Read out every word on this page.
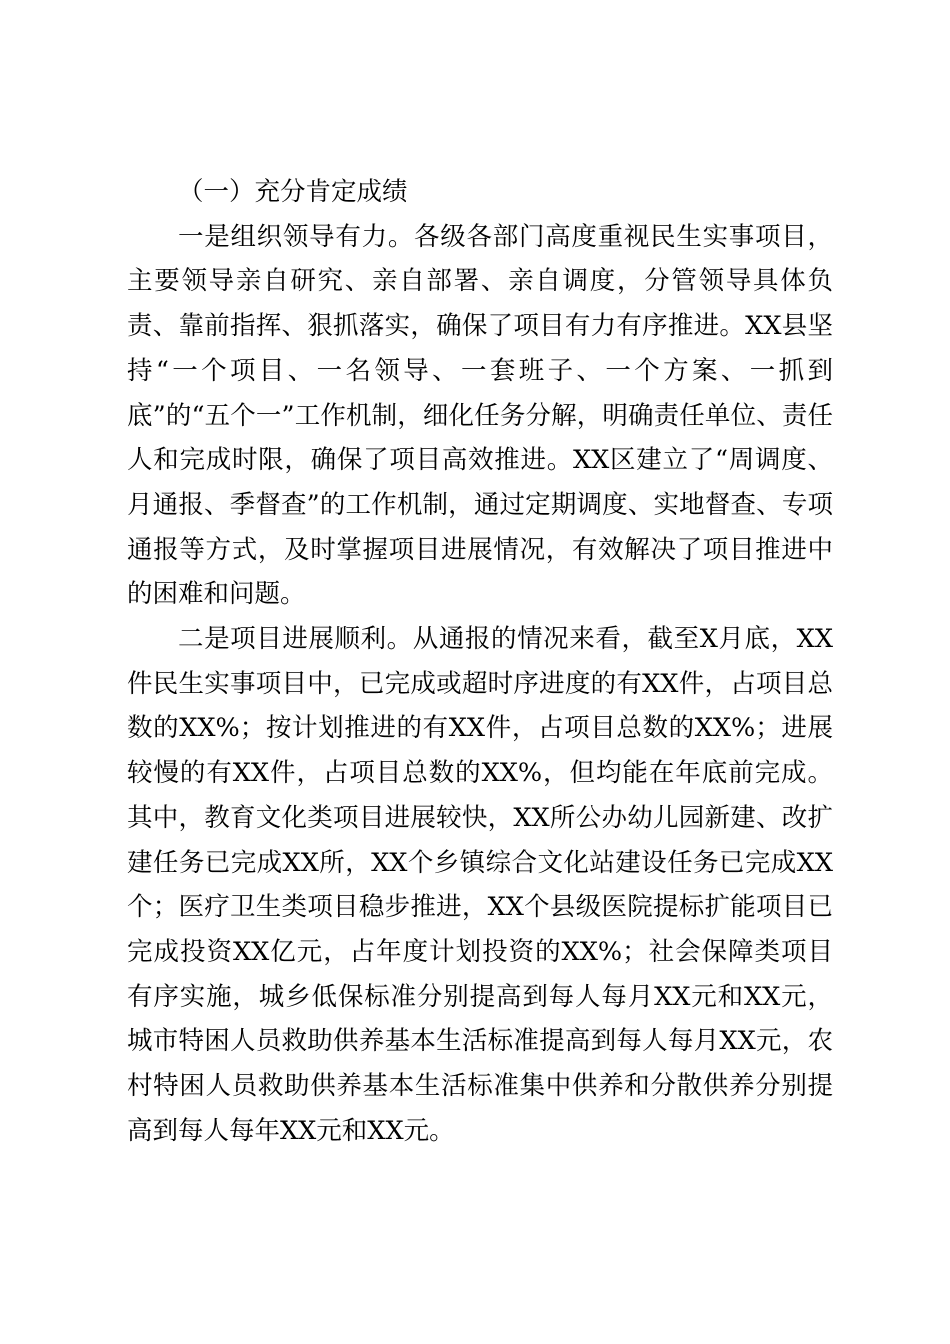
（一）充分肯定成绩

一是组织领导有力。各级各部门高度重视民生实事项目，主要领导亲自研究、亲自部署、亲自调度，分管领导具体负责、靠前指挥、狠抓落实，确保了项目有力有序推进。XX县坚持“一个项目、一名领导、一套班子、一个方案、一抓到底”的“五个一”工作机制，细化任务分解，明确责任单位、责任人和完成时限，确保了项目高效推进。XX区建立了“周调度、月通报、季督查”的工作机制，通过定期调度、实地督查、专项通报等方式，及时掌握项目进展情况，有效解决了项目推进中的困难和问题。

二是项目进展顺利。从通报的情况来看，截至X月底，XX件民生实事项目中，已完成或超时序进度的有XX件，占项目总数的XX%；按计划推进的有XX件，占项目总数的XX%；进展较慢的有XX件，占项目总数的XX%，但均能在年底前完成。其中，教育文化类项目进展较快，XX所公办幼儿园新建、改扩建任务已完成XX所，XX个乡镇综合文化站建设任务已完成XX个；医疗卫生类项目稳步推进，XX个县级医院提标扩能项目已完成投资XX亿元，占年度计划投资的XX%；社会保障类项目有序实施，城乡低保标准分别提高到每人每月XX元和XX元，城市特困人员救助供养基本生活标准提高到每人每月XX元，农村特困人员救助供养基本生活标准集中供养和分散供养分别提高到每人每年XX元和XX元。
